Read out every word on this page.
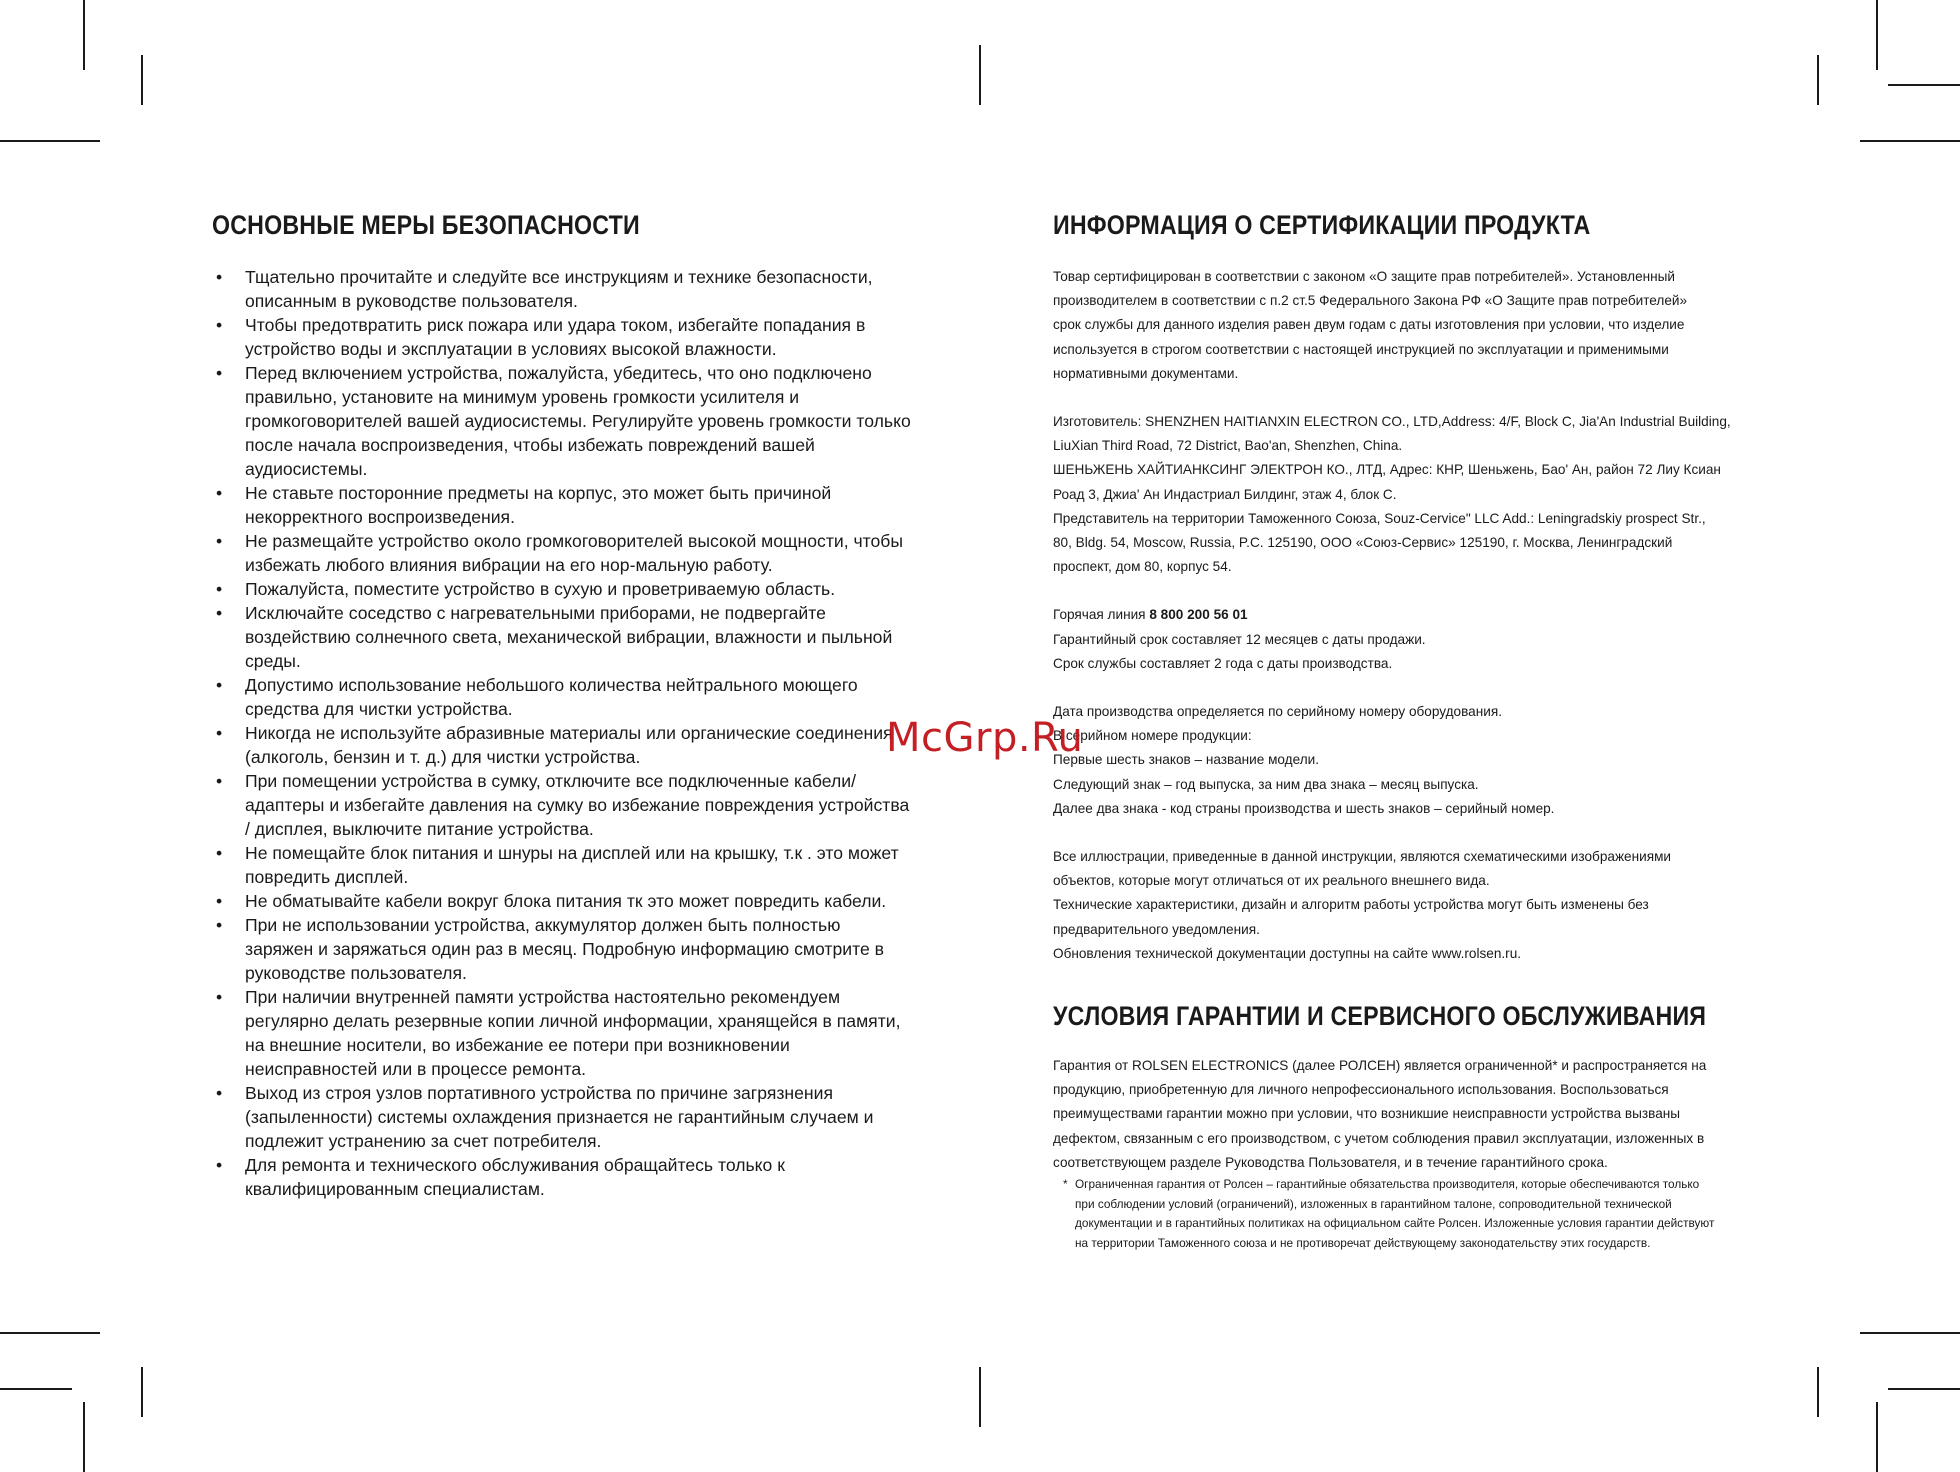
ОСНОВНЫЕ МЕРЫ БЕЗОПАСНОСТИ
• Тщательно прочитайте и следуйте все инструкциям и технике безопасности, описанным в руководстве пользователя.
• Чтобы предотвратить риск пожара или удара током, избегайте попадания в устройство воды и эксплуатации в условиях высокой влажности.
• Перед включением устройства, пожалуйста, убедитесь, что оно подключено правильно, установите на минимум уровень громкости усилителя и громкоговорителей вашей аудиосистемы. Регулируйте уровень громкости только после начала воспроизведения, чтобы избежать повреждений вашей аудиосистемы.
• Не ставьте посторонние предметы на корпус, это может быть причиной некорректного воспроизведения.
• Не размещайте устройство около громкоговорителей высокой мощности, чтобы избежать любого влияния вибрации на его нор-мальную работу.
• Пожалуйста, поместите устройство в сухую и проветриваемую область.
• Исключайте соседство с нагревательными приборами, не подвергайте воздействию солнечного света, механической вибрации, влажности и пыльной среды.
• Допустимо использование небольшого количества нейтрального моющего средства для чистки устройства.
• Никогда не используйте абразивные материалы или органические соединения (алкоголь, бензин и т. д.) для чистки устройства.
• При помещении устройства в сумку, отключите все подключенные кабели/ адаптеры и избегайте давления на сумку во избежание повреждения устройства / дисплея, выключите питание устройства.
• Не помещайте блок питания и шнуры на дисплей или на крышку, т.к . это может повредить дисплей.
• Не обматывайте кабели вокруг блока питания тк это может повредить кабели.
• При не использовании устройства, аккумулятор должен быть полностью заряжен и заряжаться один раз в месяц. Подробную информацию смотрите в руководстве пользователя.
• При наличии внутренней памяти устройства настоятельно рекомендуем регулярно делать резервные копии личной информации, хранящейся в памяти, на внешние носители, во избежание ее потери при возникновении неисправностей или в процессе ремонта.
• Выход из строя узлов портативного устройства по причине загрязнения (запыленности) системы охлаждения признается не гарантийным случаем и подлежит устранению за счет потребителя.
• Для ремонта и технического обслуживания обращайтесь только к квалифицированным специалистам.
ИНФОРМАЦИЯ О СЕРТИФИКАЦИИ ПРОДУКТА

Товар сертифицирован в соответствии с законом «О защите прав потребителей». Установленный
производителем в соответствии с п.2 ст.5 Федерального Закона РФ «О Защите прав потребителей»
срок службы для данного изделия равен двум годам с даты изготовления при условии, что изделие
используется в строгом соответствии с настоящей инструкцией по эксплуатации и применимыми
нормативными документами.

Изготовитель: SHENZHEN HAITIANXIN ELECTRON CO., LTD,Address: 4/F, Block C, Jia'An Industrial Building,
LiuXian Third Road, 72 District, Bao'an, Shenzhen, China.
ШЕНЬЖЕНЬ ХАЙТИАНКСИНГ ЭЛЕКТРОН КО., ЛТД, Адрес: КНР, Шеньжень, Бао' Ан, район 72 Лиу Ксиан
Роад 3, Джиа' Ан Индастриал Билдинг, этаж 4, блок С.
Представитель на территории Таможенного Союза, Souz-Cervice" LLC Add.: Leningradskiy prospect Str.,
80, Bldg. 54, Moscow, Russia, P.C. 125190, ООО «Союз-Сервис» 125190, г. Москва, Ленинградский
проспект, дом 80, корпус 54.

Горячая линия 8 800 200 56 01

Гарантийный срок составляет 12 месяцев с даты продажи.
Срок службы составляет 2 года с даты производства.

Дата производства определяется по серийному номеру оборудования.
В серийном номере продукции:
Первые шесть знаков – название модели.
Следующий знак – год выпуска, за ним два знака – месяц выпуска.
Далее два знака - код страны производства и шесть знаков – серийный номер.

Все иллюстрации, приведенные в данной инструкции, являются схематическими изображениями
объектов, которые могут отличаться от их реального внешнего вида.
Технические характеристики, дизайн и алгоритм работы устройства могут быть изменены без
предварительного уведомления.
Обновления технической документации доступны на сайте www.rolsen.ru.

УСЛОВИЯ ГАРАНТИИ И СЕРВИСНОГО ОБСЛУЖИВАНИЯ

Гарантия от ROLSEN ELECTRONICS (далее РОЛСЕН) является ограниченной* и распространяется на
продукцию, приобретенную для личного непрофессионального использования. Воспользоваться
преимуществами гарантии можно при условии, что возникшие неисправности устройства вызваны
дефектом, связанным с его производством, с учетом соблюдения правил эксплуатации, изложенных в
соответствующем разделе Руководства Пользователя, и в течение гарантийного срока.

* Ограниченная гарантия от Ролсен – гарантийные обязательства производителя, которые обеспечиваются только
при соблюдении условий (ограничений), изложенных в гарантийном талоне, сопроводительной технической
документации и в гарантийных политиках на официальном сайте Ролсен. Изложенные условия гарантии действуют
на территории Таможенного союза и не противоречат действующему законодательству этих государств.
McGrp.Ru
